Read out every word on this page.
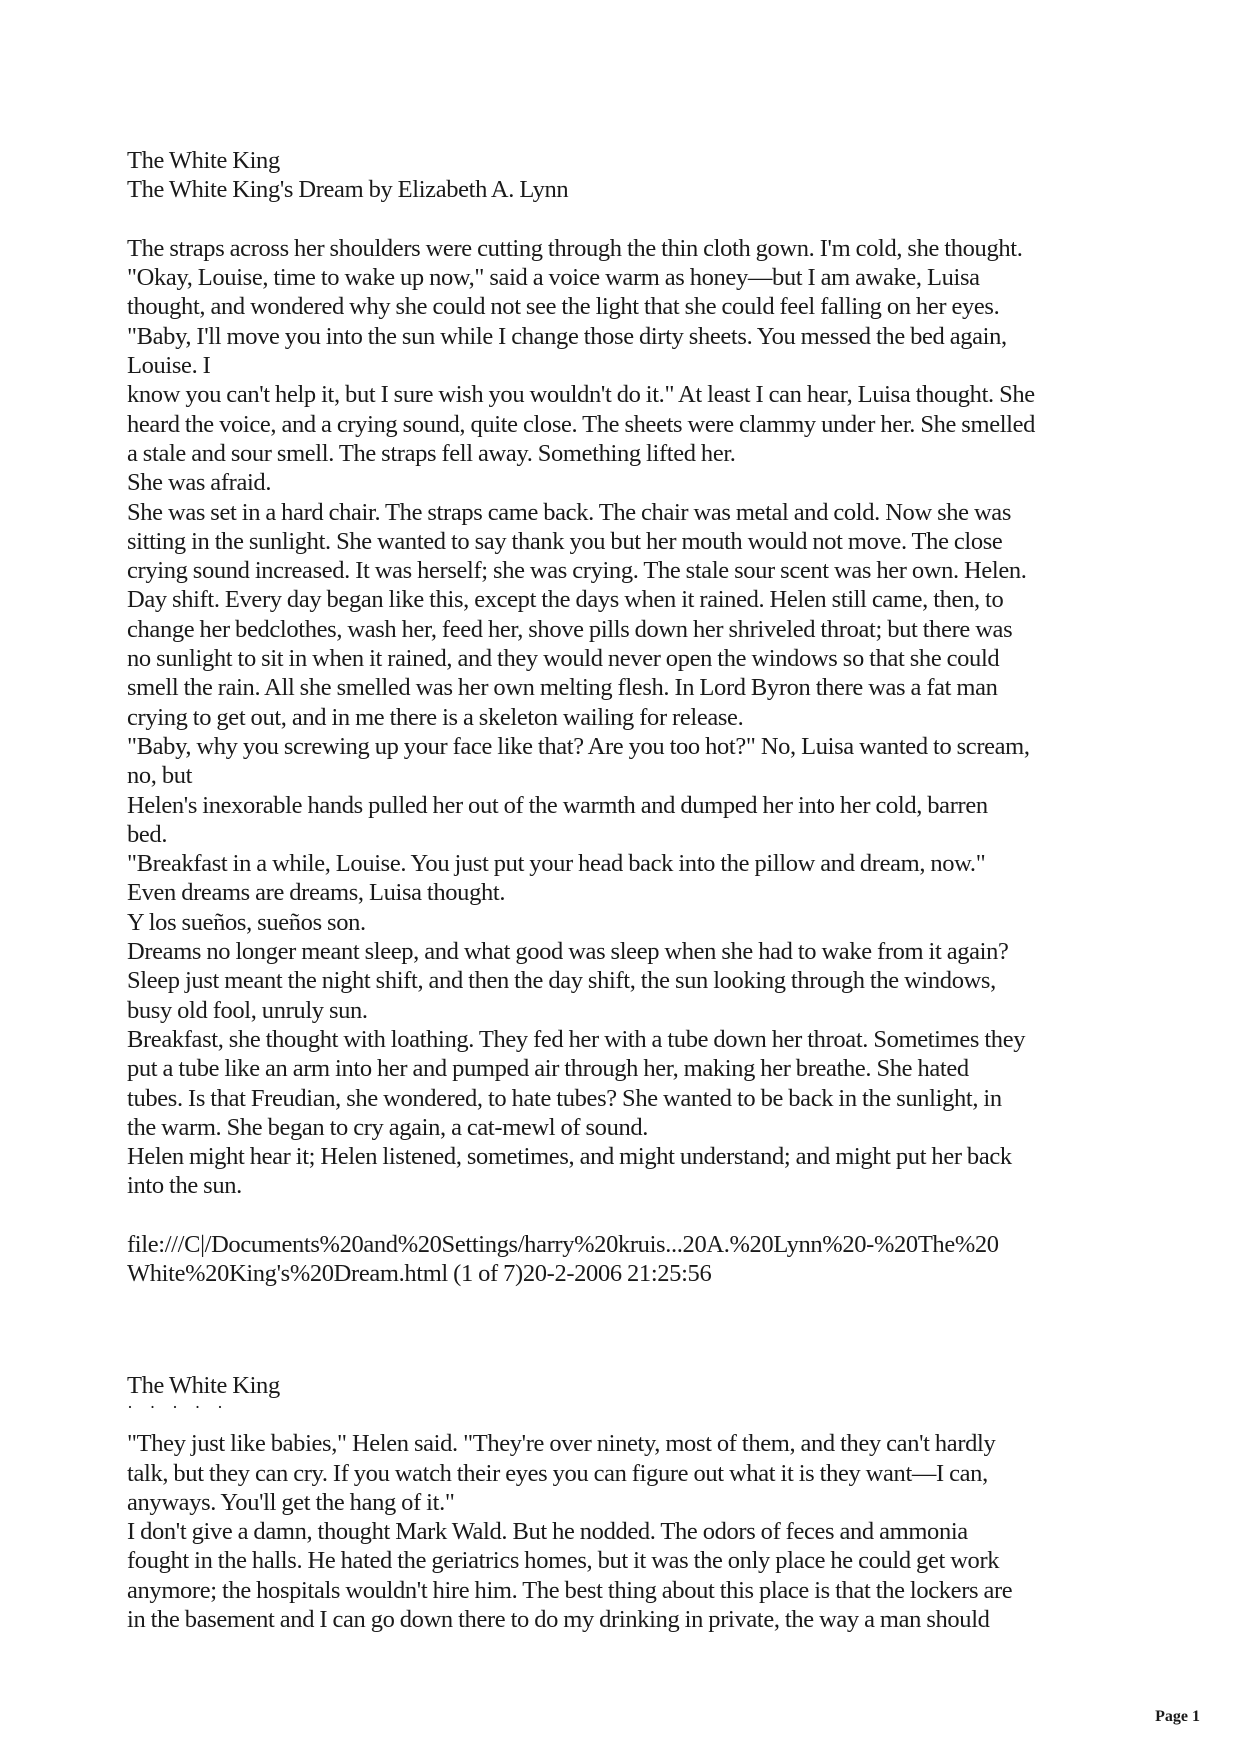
The White King
The White King's Dream by Elizabeth A. Lynn
The straps across her shoulders were cutting through the thin cloth gown. I'm cold, she thought.
"Okay, Louise, time to wake up now," said a voice warm as honey—but I am awake, Luisa
thought, and wondered why she could not see the light that she could feel falling on her eyes.
"Baby, I'll move you into the sun while I change those dirty sheets. You messed the bed again,
Louise. I
know you can't help it, but I sure wish you wouldn't do it." At least I can hear, Luisa thought. She
heard the voice, and a crying sound, quite close. The sheets were clammy under her. She smelled
a stale and sour smell. The straps fell away. Something lifted her.
She was afraid.
She was set in a hard chair. The straps came back. The chair was metal and cold. Now she was
sitting in the sunlight. She wanted to say thank you but her mouth would not move. The close
crying sound increased. It was herself; she was crying. The stale sour scent was her own. Helen.
Day shift. Every day began like this, except the days when it rained. Helen still came, then, to
change her bedclothes, wash her, feed her, shove pills down her shriveled throat; but there was
no sunlight to sit in when it rained, and they would never open the windows so that she could
smell the rain. All she smelled was her own melting flesh. In Lord Byron there was a fat man
crying to get out, and in me there is a skeleton wailing for release.
"Baby, why you screwing up your face like that? Are you too hot?" No, Luisa wanted to scream,
no, but
Helen's inexorable hands pulled her out of the warmth and dumped her into her cold, barren
bed.
"Breakfast in a while, Louise. You just put your head back into the pillow and dream, now."
Even dreams are dreams, Luisa thought.
Y los sueños, sueños son.
Dreams no longer meant sleep, and what good was sleep when she had to wake from it again?
Sleep just meant the night shift, and then the day shift, the sun looking through the windows,
busy old fool, unruly sun.
Breakfast, she thought with loathing. They fed her with a tube down her throat. Sometimes they
put a tube like an arm into her and pumped air through her, making her breathe. She hated
tubes. Is that Freudian, she wondered, to hate tubes? She wanted to be back in the sunlight, in
the warm. She began to cry again, a cat-mewl of sound.
Helen might hear it; Helen listened, sometimes, and might understand; and might put her back
into the sun.
file:///C|/Documents%20and%20Settings/harry%20kruis...20A.%20Lynn%20-%20The%20
White%20King's%20Dream.html (1 of 7)20-2-2006 21:25:56
The White King
· · · · ·
"They just like babies," Helen said. "They're over ninety, most of them, and they can't hardly
talk, but they can cry. If you watch their eyes you can figure out what it is they want—I can,
anyways. You'll get the hang of it."
I don't give a damn, thought Mark Wald. But he nodded. The odors of feces and ammonia
fought in the halls. He hated the geriatrics homes, but it was the only place he could get work
anymore; the hospitals wouldn't hire him. The best thing about this place is that the lockers are
in the basement and I can go down there to do my drinking in private, the way a man should
Page 1
